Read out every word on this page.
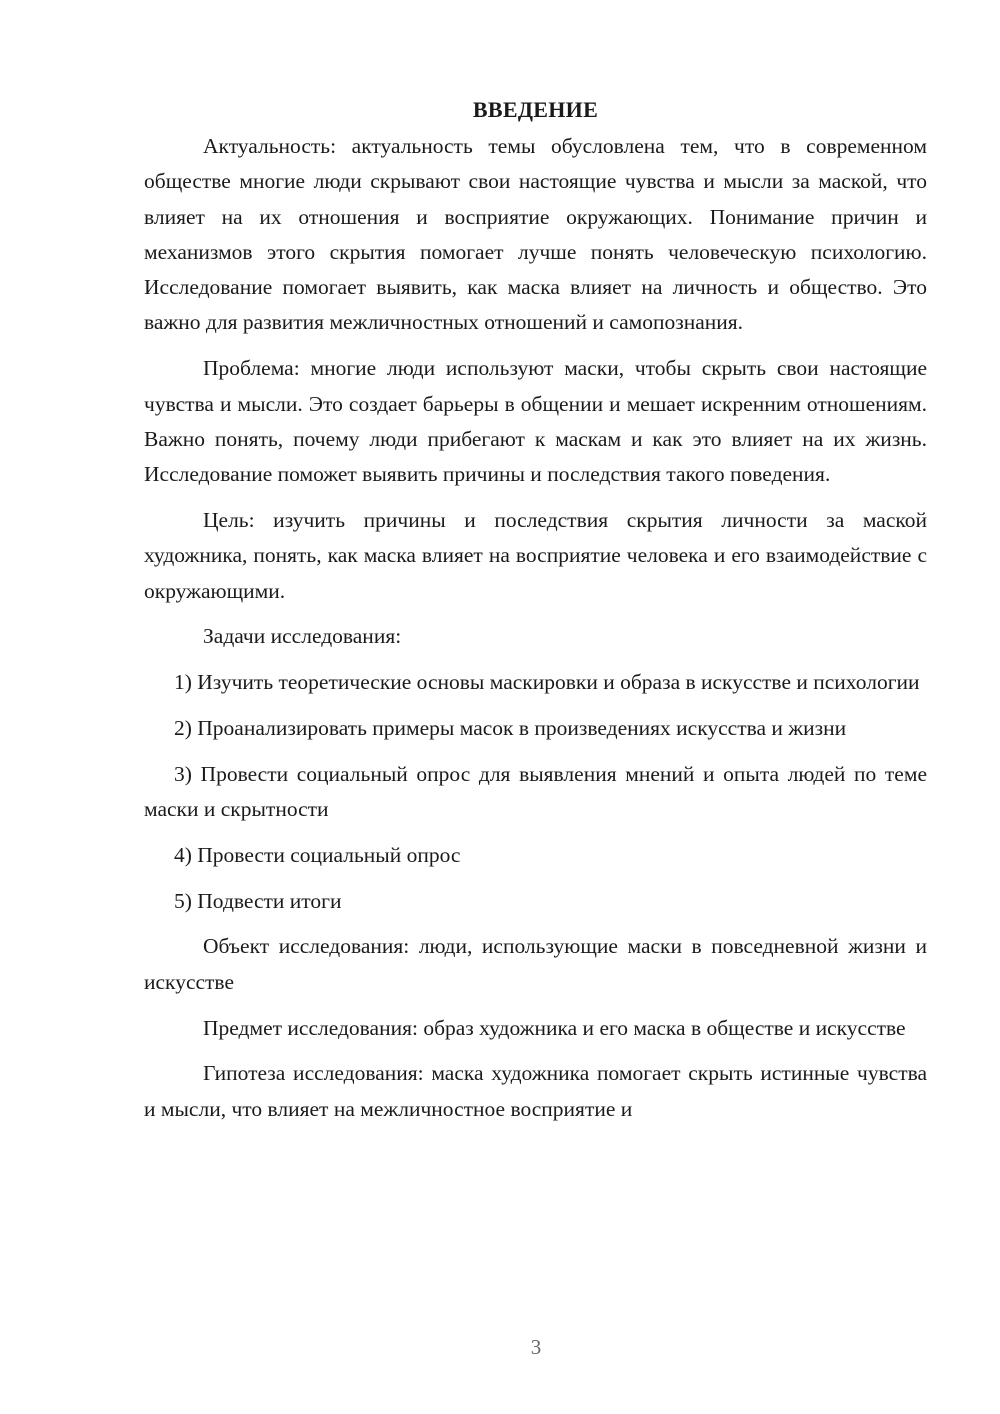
ВВЕДЕНИЕ

Актуальность: актуальность темы обусловлена тем, что в современном обществе многие люди скрывают свои настоящие чувства и мысли за маской, что влияет на их отношения и восприятие окружающих. Понимание причин и механизмов этого скрытия помогает лучше понять человеческую психологию. Исследование помогает выявить, как маска влияет на личность и общество. Это важно для развития межличностных отношений и самопознания.

Проблема: многие люди используют маски, чтобы скрыть свои настоящие чувства и мысли. Это создает барьеры в общении и мешает искренним отношениям. Важно понять, почему люди прибегают к маскам и как это влияет на их жизнь. Исследование поможет выявить причины и последствия такого поведения.

Цель: изучить причины и последствия скрытия личности за маской художника, понять, как маска влияет на восприятие человека и его взаимодействие с окружающими.

Задачи исследования:

1) Изучить теоретические основы маскировки и образа в искусстве и психологии

2) Проанализировать примеры масок в произведениях искусства и жизни

3) Провести социальный опрос для выявления мнений и опыта людей по теме маски и скрытности

4) Провести социальный опрос

5) Подвести итоги

Объект исследования: люди, использующие маски в повседневной жизни и искусстве

Предмет исследования: образ художника и его маска в обществе и искусстве

Гипотеза исследования: маска художника помогает скрыть истинные чувства и мысли, что влияет на межличностное восприятие и

3
